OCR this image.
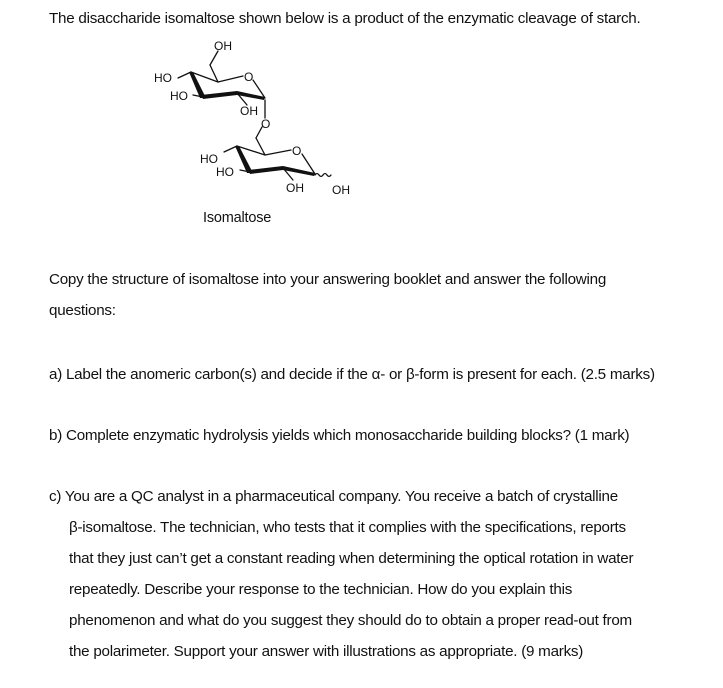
The disaccharide isomaltose shown below is a product of the enzymatic cleavage of starch.
OH
HO
HO
OH
O
O
HO
HO
OH
O
OH
Isomaltose
Copy the structure of isomaltose into your answering booklet and answer the following
questions:
a) Label the anomeric carbon(s) and decide if the α- or β-form is present for each. (2.5 marks)
b) Complete enzymatic hydrolysis yields which monosaccharide building blocks? (1 mark)
c) You are a QC analyst in a pharmaceutical company. You receive a batch of crystalline
β-isomaltose. The technician, who tests that it complies with the specifications, reports
that they just can’t get a constant reading when determining the optical rotation in water
repeatedly. Describe your response to the technician. How do you explain this
phenomenon and what do you suggest they should do to obtain a proper read-out from
the polarimeter. Support your answer with illustrations as appropriate. (9 marks)
